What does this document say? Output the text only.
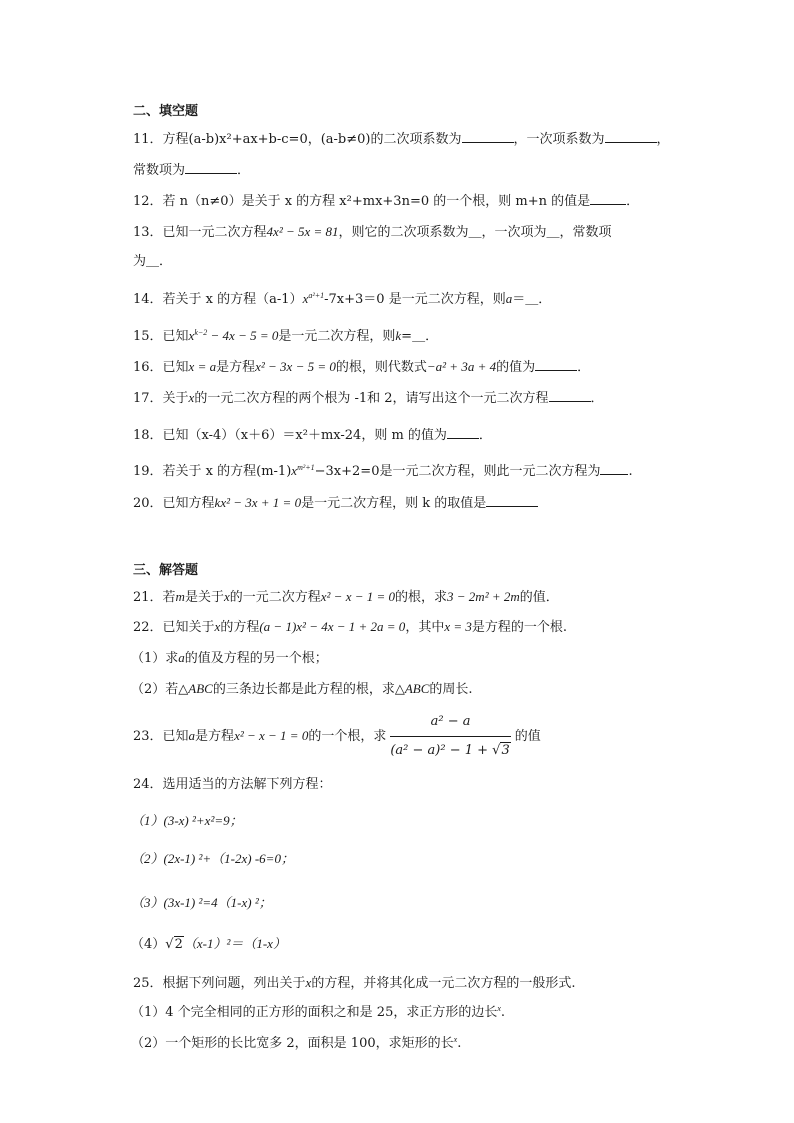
二、填空题
11．方程(a-b)x²+ax+b-c=0，(a-b≠0)的二次项系数为	，一次项系数为	，
常数项为	．
12．若 n（n≠0）是关于 x 的方程 x²+mx+3n=0 的一个根，则 m+n 的值是	．
13．已知一元二次方程4x² − 5x = 81，则它的二次项系数为＿，一次项为＿，常数项
为＿．
14．若关于 x 的方程$(a-1)x^{a^2+1}-7x+3=0$ 是一元二次方程，则a＝＿．
15．已知$x^{k-2} - 4x - 5 = 0$是一元二次方程，则k=＿．
16．已知x = a是方程x² − 3x − 5 = 0的根，则代数式−a² + 3a + 4的值为	．
17．关于x的一元二次方程的两个根为 -1和 2，请写出这个一元二次方程	．
18．已知（x-4）（x＋6）＝x²＋mx-24，则 m 的值为 ．
19．若关于 x 的方程$(m-1)x^{m^2+1}-3x+2=0$是一元二次方程，则此一元二次方程为 .
20．已知方程kx² − 3x + 1 = 0是一元二次方程，则 k 的取值是
三、解答题
21．若m是关于x的一元二次方程x² − x − 1 = 0的根，求3 − 2m² + 2m的值．
22．已知关于x的方程(a − 1)x² − 4x − 1 + 2a = 0，其中x = 3是方程的一个根.
（1）求a的值及方程的另一个根；
（2）若△ABC的三条边长都是此方程的根，求△ABC的周长.
23．已知a是方程x² − x − 1 = 0的一个根，求 $\frac{\text{a² − a}}{\text{(a² − a)² − 1 + √3}}$ 的值
24．选用适当的方法解下列方程：
（1）(3-x) ²+x²=9；
（2）(2x-1) ²+（1-2x) -6=0；
（3）(3x-1) ²=4（1-x) ²；
（4）√2（x-1）²＝（1-x）
25．根据下列问题，列出关于x的方程，并将其化成一元二次方程的一般形式.
（1）4 个完全相同的正方形的面积之和是 25，求正方形的边长$^x$.
（2）一个矩形的长比宽多 2，面积是 100，求矩形的长$^x$.
